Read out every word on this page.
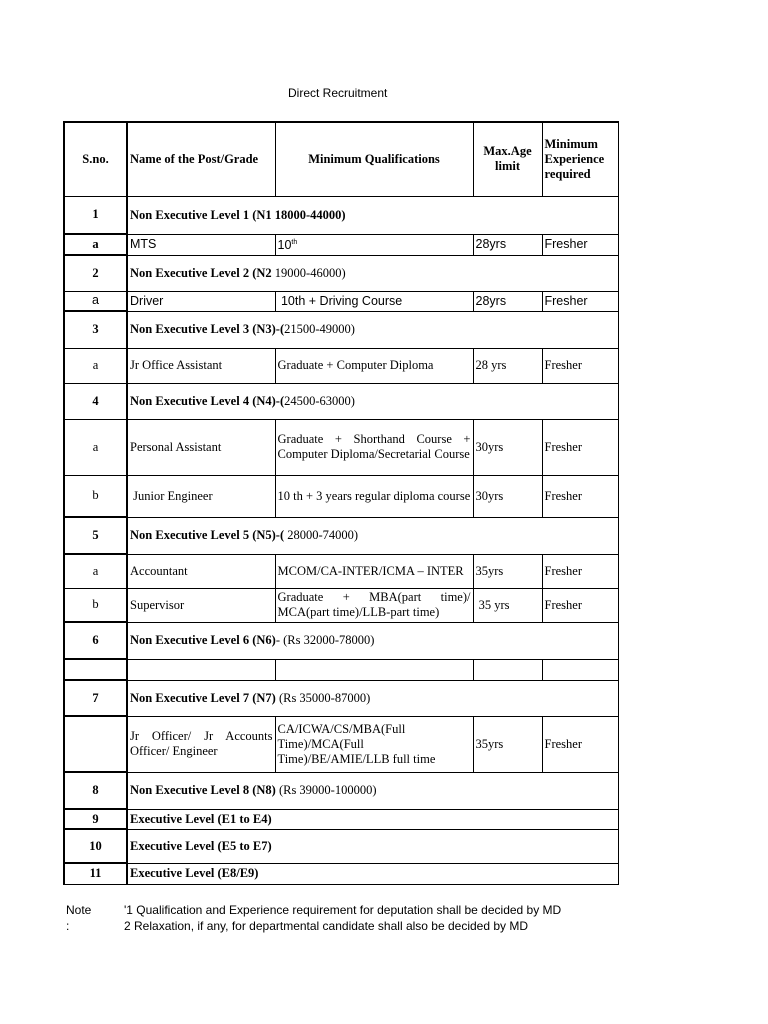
Direct Recruitment
S.no.	Name of the Post/Grade	Minimum Qualifications	Max.Age limit	Minimum Experience required
1	Non Executive Level 1 (N1 18000-44000)			
a	MTS	10th	28yrs	Fresher
2	Non Executive Level 2 (N2 19000-46000)			
a	Driver	10th + Driving Course	28yrs	Fresher
3	Non Executive Level 3 (N3)-(21500-49000)			
a	Jr Office Assistant	Graduate + Computer Diploma	28 yrs	Fresher
4	Non Executive Level 4 (N4)-(24500-63000)			
a	Personal Assistant	Graduate + Shorthand Course + Computer Diploma/Secretarial Course	30yrs	Fresher
b	Junior Engineer	10 th + 3 years regular diploma course	30yrs	Fresher
5	Non Executive Level 5 (N5)-( 28000-74000)			
a	Accountant	MCOM/CA-INTER/ICMA – INTER	35yrs	Fresher
b	Supervisor	Graduate + MBA(part time)/ MCA(part time)/LLB-part time)	35 yrs	Fresher
6	Non Executive Level 6 (N6)- (Rs 32000-78000)			

7	Non Executive Level 7 (N7) (Rs 35000-87000)			
	Jr Officer/ Jr Accounts Officer/ Engineer	CA/ICWA/CS/MBA(Full Time)/MCA(Full Time)/BE/AMIE/LLB full time	35yrs	Fresher
8	Non Executive Level 8 (N8) (Rs 39000-100000)			
9	Executive Level (E1 to E4)			
10	Executive Level (E5 to E7)			
11	Executive Level (E8/E9)			
Note :
'1 Qualification and Experience requirement for deputation shall be decided by MD
2 Relaxation, if any, for departmental candidate shall also be decided by MD
